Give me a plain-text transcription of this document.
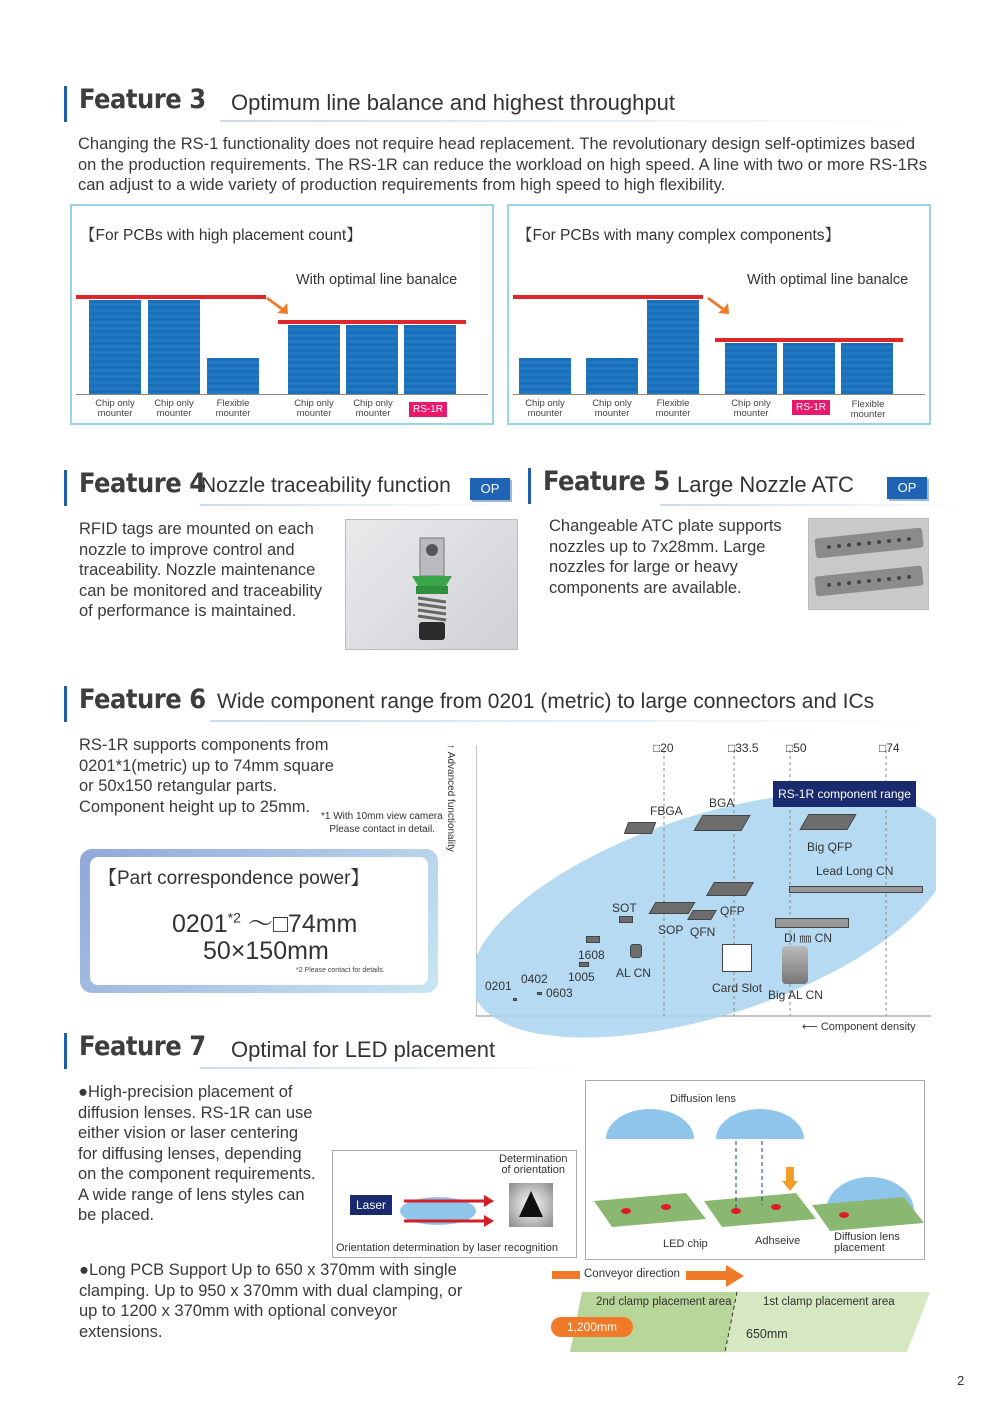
Feature 3 Optimum line balance and highest throughput
Changing the RS-1 functionality does not require head replacement. The revolutionary design self-optimizes based on the production requirements. The RS-1R can reduce the workload on high speed. A line with two or more RS-1Rs can adjust to a wide variety of production requirements from high speed to high flexibility.
【For PCBs with high placement count】
With optimal line banalce
Chip only
mounter
Chip only
mounter
Flexible
mounter
Chip only
mounter
Chip only
mounter	RS-1R
【For PCBs with many complex components】
With optimal line banalce
Chip only
mounter
Chip only
mounter
Flexible
mounter
Chip only
mounter
RS-1R	Flexible
mounter
Feature 4
Nozzle traceability function	OP
RFID tags are mounted on each nozzle to improve control and traceability. Nozzle maintenance can be monitored and traceability of performance is maintained.
Feature 5 Large Nozzle ATC	OP
Changeable ATC plate supports nozzles up to 7x28mm. Large nozzles for large or heavy components are available.
Feature 6 Wide component range from 0201 (metric) to large connectors and ICs
RS-1R supports components from 0201*1(metric) up to 74mm square or 50x150 retangular parts. Component height up to 25mm.
*1 With 10mm view camera
Please contact in detail.
【Part correspondence power】
0201$^{*2}$ ～□74mm
50×150mm
*2 Please contact for details.
□20	□33.5 □50	□74
RS-1R component range
FBGA
BGA
Big QFP
Lead Long CN
SOT
SOP QFN
QFP
DI ㎜ CN
1608
1005 AL CN
0402
0603
0201	Card Slot Big AL CN
⟵ Component density
↑ Advanced functionality
Feature 7 Optimal for LED placement
●High-precision placement of diffusion lenses. RS-1R can use either vision or laser centering for diffusing lenses, depending on the component requirements. A wide range of lens styles can be placed.
●Long PCB Support Up to 650 x 370mm with single clamping. Up to 950 x 370mm with dual clamping, or up to 1200 x 370mm with optional conveyor extensions.
Determination
of orientation
Laser
Orientation determination by laser recognition
Diffusion lens
LED chip	Adhseive	Diffusion lens
placement
Conveyor direction
2nd clamp placement area	1st clamp placement area
1,200mm	650mm
2
